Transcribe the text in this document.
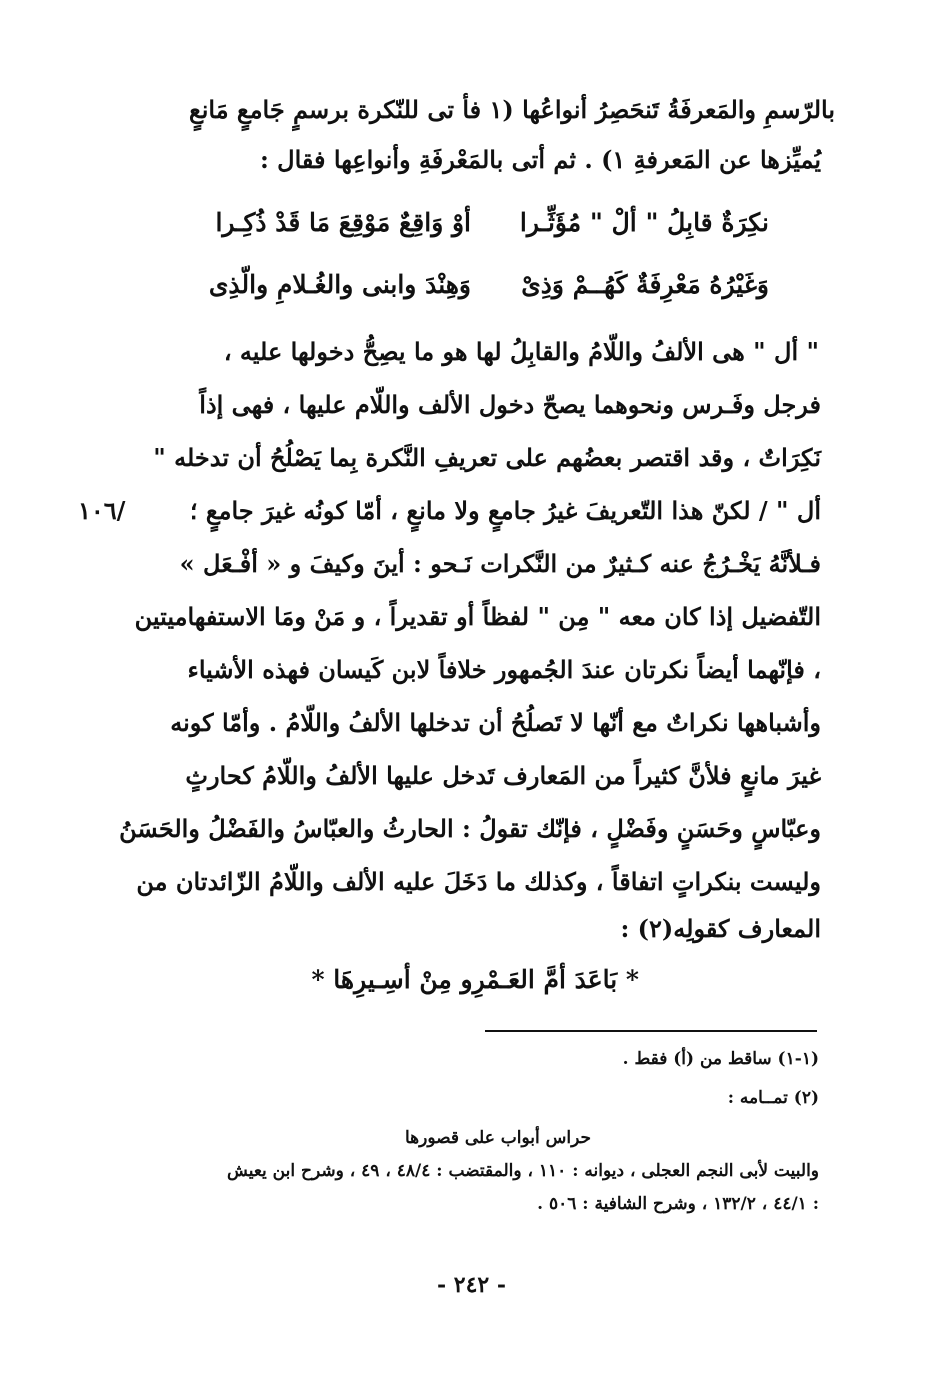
بالرّسمِ والمَعرفَةُ تَنحَصِرُ أنواعُها (١ فأ تى للنّكرة برسمٍ جَامعٍ مَانعٍ
يُميِّزها عن المَعرفةِ ١) . ثم أتى بالمَعْرفَةِ وأنواعِها فقال :
نكِرَةٌ قابِلُ " ألْ " مُؤَثِّـرا
أوْ وَاقِعٌ مَوْقِعَ مَا قَدْ ذُكِـرا
وَغَيْرُهُ مَعْرِفَةٌ كَهُــمْ وَذِىْ
وَهِنْدَ وابنى والغُـلامِ والّذِى
" أل " هى الألفُ واللّامُ والقابِلُ لها هو ما يصِحُّ دخولها عليه ،
فرجل وفَـرس ونحوهما يصحّ دخول الألف واللّام عليها ، فهى إذاً
نَكِرَاتٌ ، وقد اقتصر بعضُهم على تعريفِ النَّكرة بِما يَصْلُحُ أن تدخله "
أل " / لكنّ هذا التّعريفَ غيرُ جامعٍ ولا مانعٍ ، أمّا كونُه غيرَ جامعٍ ؛
١٠٦/
فـلأنَّهُ يَخْـرُجُ عنه كـثيرٌ من النَّكرات نَـحو : أينَ وكيفَ و « أفْـعَل »
التّفضيل إذا كان معه " مِن " لفظاً أو تقديراً ، و مَنْ ومَا الاستفهاميتين
، فإنّهما أيضاً نكرتان عندَ الجُمهور خلافاً لابن كَيسان فهذه الأشياء
وأشباهها نكراتٌ مع أنّها لا تَصلُحُ أن تدخلها الألفُ واللّامُ . وأمّا كونه
غيرَ مانعٍ فلأنَّ كثيراً من المَعارف تَدخل عليها الألفُ واللّامُ كحارثٍ
وعبّاسٍ وحَسَنٍ وفَضْلٍ ، فإنّك تقولُ : الحارثُ والعبّاسُ والفَضْلُ والحَسَنُ
وليست بنكراتٍ اتفاقاً ، وكذلك ما دَخَلَ عليه الألف واللّامُ الزّائدتان من
المعارف كقولِه(٢) :
* بَاعَدَ أمَّ العَـمْرِو مِنْ أسِـيرِهَا *
(١-١) ساقط من (أ) فقط .
(٢) تمــامه :
حراس أبواب على قصورها
والبيت لأبى النجم العجلى ، ديوانه : ١١٠ ، والمقتضب : ٤٨/٤ ، ٤٩ ، وشرح ابن يعيش
: ٤٤/١ ، ١٣٢/٢ ، وشرح الشافية : ٥٠٦ .
- ٢٤٢ -
